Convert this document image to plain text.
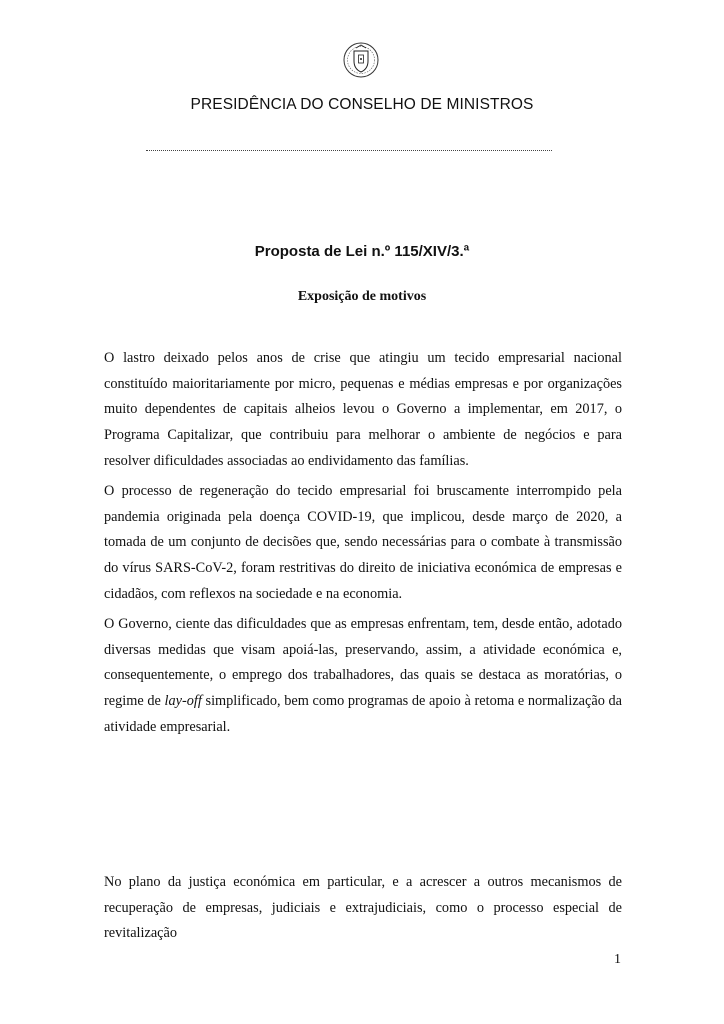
PRESIDÊNCIA DO CONSELHO DE MINISTROS
Proposta de Lei n.º 115/XIV/3.ª
Exposição de motivos

O lastro deixado pelos anos de crise que atingiu um tecido empresarial nacional constituído maioritariamente por micro, pequenas e médias empresas e por organizações muito dependentes de capitais alheios levou o Governo a implementar, em 2017, o Programa Capitalizar, que contribuiu para melhorar o ambiente de negócios e para resolver dificuldades associadas ao endividamento das famílias.

O processo de regeneração do tecido empresarial foi bruscamente interrompido pela pandemia originada pela doença COVID-19, que implicou, desde março de 2020, a tomada de um conjunto de decisões que, sendo necessárias para o combate à transmissão do vírus SARS-CoV-2, foram restritivas do direito de iniciativa económica de empresas e cidadãos, com reflexos na sociedade e na economia.

O Governo, ciente das dificuldades que as empresas enfrentam, tem, desde então, adotado diversas medidas que visam apoiá-las, preservando, assim, a atividade económica e, consequentemente, o emprego dos trabalhadores, das quais se destaca as moratórias, o regime de lay-off simplificado, bem como programas de apoio à retoma e normalização da atividade empresarial.

No plano da justiça económica em particular, e a acrescer a outros mecanismos de recuperação de empresas, judiciais e extrajudiciais, como o processo especial de revitalização

1
